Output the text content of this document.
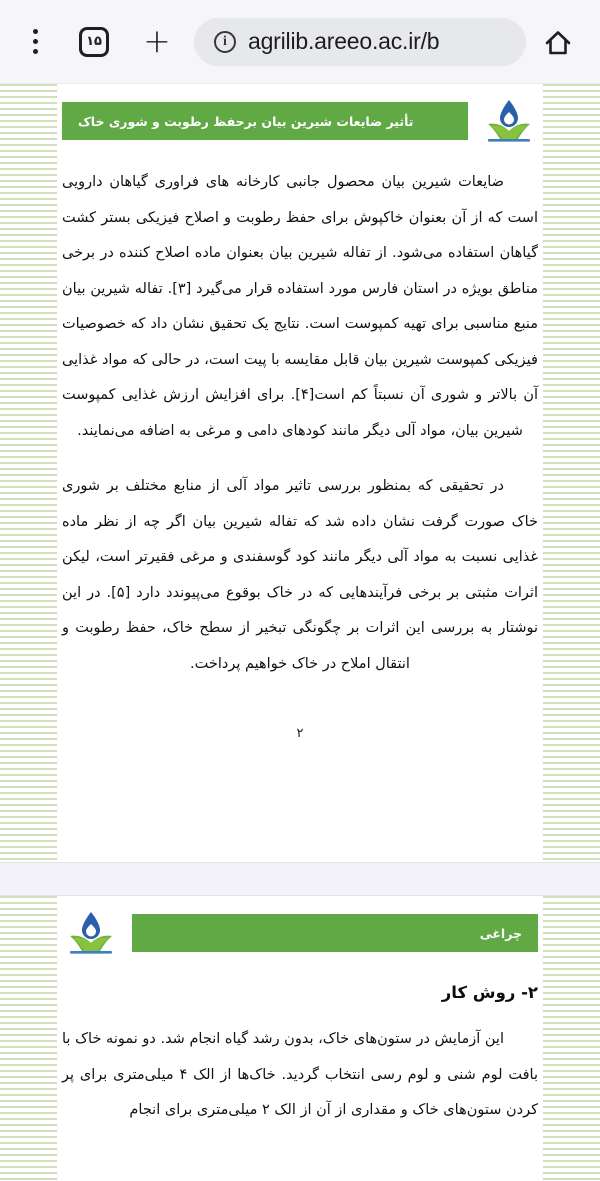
۱۵	+	i agrilib.areeo.ac.ir/b
تأثیر ضایعات شیرین بیان برحفظ رطوبت و شوری خاک

ضایعات شیرین بیان محصول جانبی کارخانه های فراوری گیاهان دارویی است که از آن بعنوان خاکپوش برای حفظ رطوبت و اصلاح فیزیکی بستر کشت گیاهان استفاده می‌شود. از تفاله شیرین بیان بعنوان ماده اصلاح کننده در برخی مناطق بویژه در استان فارس مورد استفاده قرار می‌گیرد [۳]. تفاله شیرین بیان منبع مناسبی برای تهیه کمپوست است. نتایج یک تحقیق نشان داد که خصوصیات فیزیکی کمپوست شیرین بیان قابل مقایسه با پیت است، در حالی که مواد غذایی آن بالاتر و شوری آن نسبتاً کم است[۴]. برای افزایش ارزش غذایی کمپوست شیرین بیان، مواد آلی دیگر مانند کودهای دامی و مرغی به اضافه می‌نمایند.

در تحقیقی که بمنظور بررسی تاثیر مواد آلی از منابع مختلف بر شوری خاک صورت گرفت نشان داده شد که تفاله شیرین بیان اگر چه از نظر ماده غذایی نسبت به مواد آلی دیگر مانند کود گوسفندی و مرغی فقیرتر است، لیکن اثرات مثبتی بر برخی فرآیندهایی که در خاک بوقوع می‌پیوندد دارد [۵]. در این نوشتار به بررسی این اثرات بر چگونگی تبخیر از سطح خاک، حفظ رطوبت و انتقال املاح در خاک خواهیم پرداخت.

۲
چراغی
۲- روش کار

این آزمایش در ستون‌های خاک، بدون رشد گیاه انجام شد. دو نمونه خاک با بافت لوم شنی و لوم رسی انتخاب گردید. خاک‌ها از الک ۴ میلی‌متری برای پر کردن ستون‌های خاک و مقداری از آن از الک ۲ میلی‌متری برای انجام
